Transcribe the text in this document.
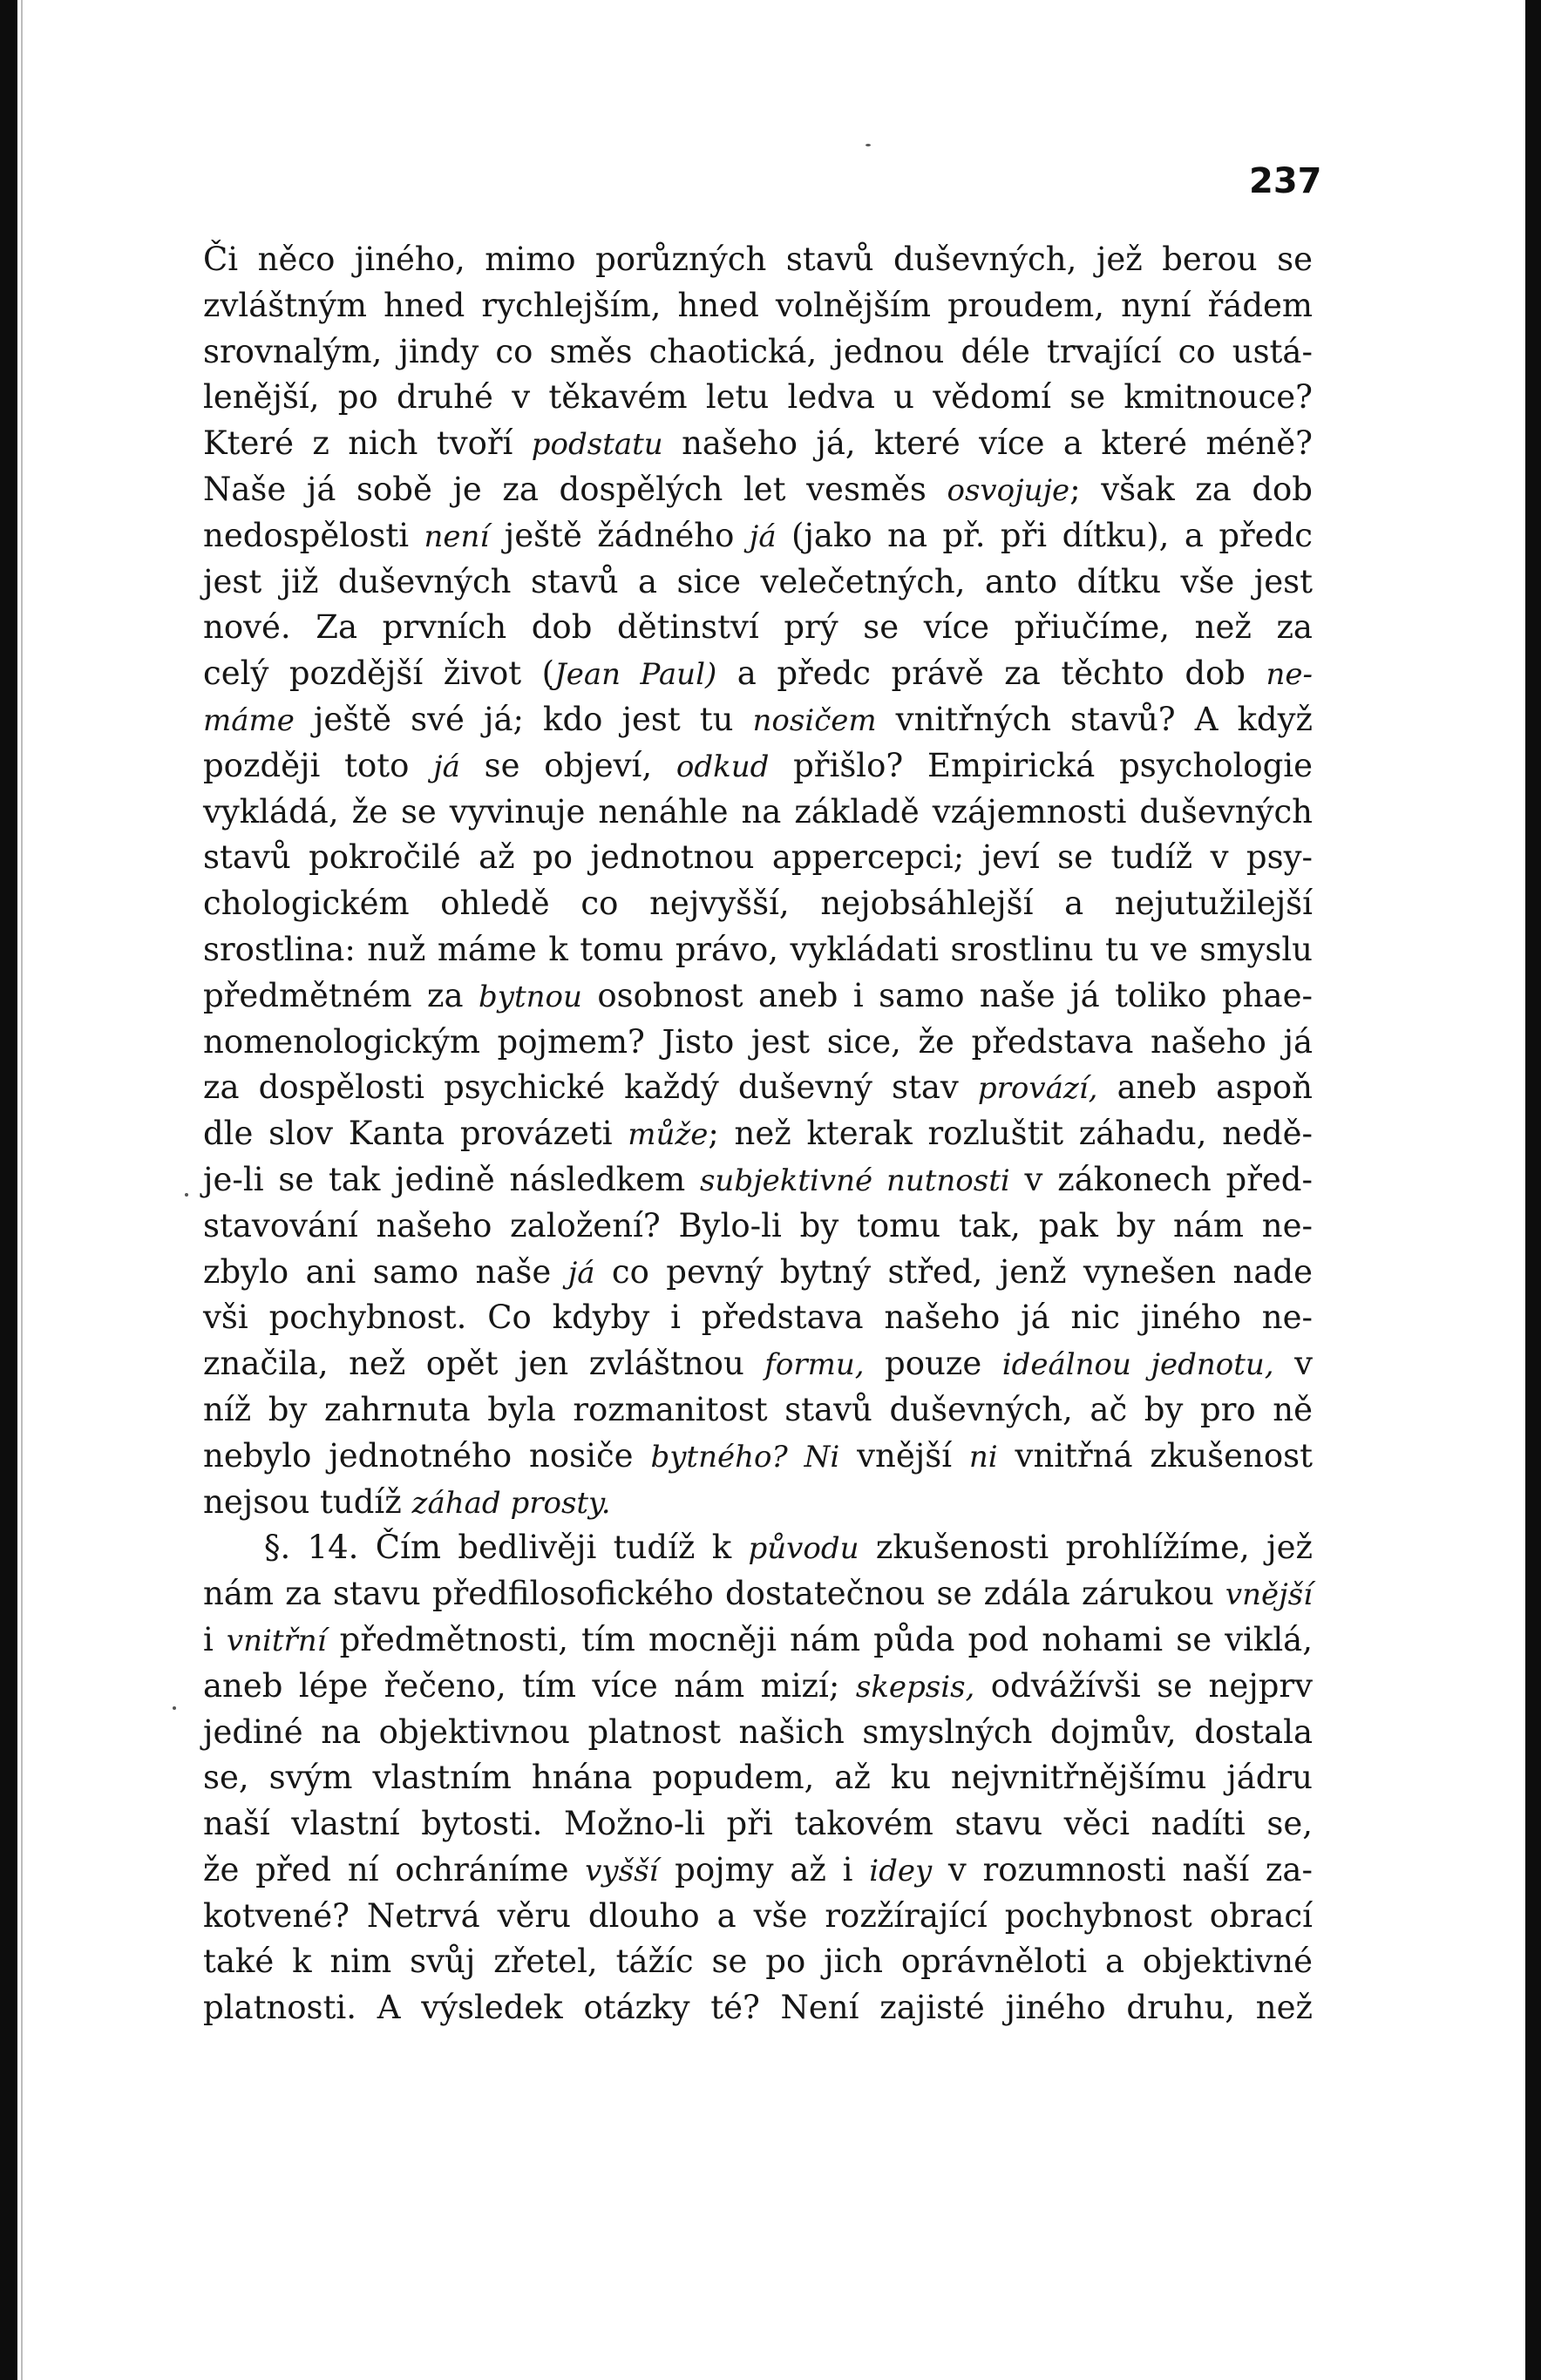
237
Či něco jiného, mimo porůzných stavů duševných, jež berou se
zvláštným hned rychlejším, hned volnějším proudem, nyní řádem
srovnalým, jindy co směs chaotická, jednou déle trvající co ustá-
lenější, po druhé v těkavém letu ledva u vědomí se kmitnouce?
Které z nich tvoří podstatu našeho já, které více a které méně?
Naše já sobě je za dospělých let vesměs osvojuje; však za dob
nedospělosti není ještě žádného já (jako na př. při dítku), a předc
jest již duševných stavů a sice velečetných, anto dítku vše jest
nové. Za prvních dob dětinství prý se více přiučíme, než za
celý pozdější život (Jean Paul) a předc právě za těchto dob ne-
máme ještě své já; kdo jest tu nosičem vnitřných stavů? A když
později toto já se objeví, odkud přišlo? Empirická psychologie
vykládá, že se vyvinuje nenáhle na základě vzájemnosti duševných
stavů pokročilé až po jednotnou appercepci; jeví se tudíž v psy-
chologickém ohledě co nejvyšší, nejobsáhlejší a nejutužilejší
srostlina: nuž máme k tomu právo, vykládati srostlinu tu ve smyslu
předmětném za bytnou osobnost aneb i samo naše já toliko phae-
nomenologickým pojmem? Jisto jest sice, že představa našeho já
za dospělosti psychické každý duševný stav provází, aneb aspoň
dle slov Kanta provázeti může; než kterak rozluštit záhadu, nedě-
je-li se tak jedině následkem subjektivné nutnosti v zákonech před-
stavování našeho založení? Bylo-li by tomu tak, pak by nám ne-
zbylo ani samo naše já co pevný bytný střed, jenž vynešen nade
vši pochybnost. Co kdyby i představa našeho já nic jiného ne-
značila, než opět jen zvláštnou formu, pouze ideálnou jednotu, v
níž by zahrnuta byla rozmanitost stavů duševných, ač by pro ně
nebylo jednotného nosiče bytného? Ni vnější ni vnitřná zkušenost
nejsou tudíž záhad prosty.
§. 14. Čím bedlivěji tudíž k původu zkušenosti prohlížíme, jež
nám za stavu předfilosofického dostatečnou se zdála zárukou vnější
i vnitřní předmětnosti, tím mocněji nám půda pod nohami se viklá,
aneb lépe řečeno, tím více nám mizí; skepsis, odvážívši se nejprv
jediné na objektivnou platnost našich smyslných dojmův, dostala
se, svým vlastním hnána popudem, až ku nejvnitřnějšímu jádru
naší vlastní bytosti. Možno-li při takovém stavu věci nadíti se,
že před ní ochráníme vyšší pojmy až i idey v rozumnosti naší za-
kotvené? Netrvá věru dlouho a vše rozžírající pochybnost obrací
také k nim svůj zřetel, tážíc se po jich oprávněloti a objektivné
platnosti. A výsledek otázky té? Není zajisté jiného druhu, než
